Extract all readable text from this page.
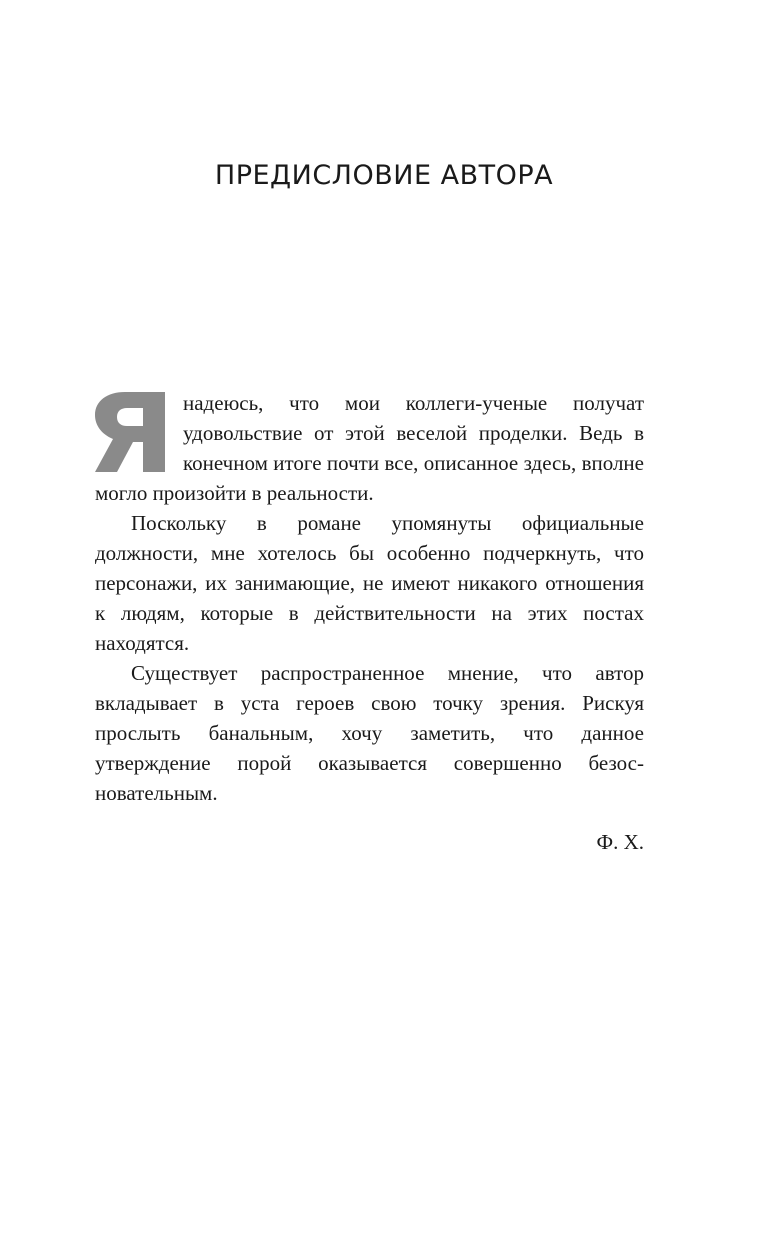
ПРЕДИСЛОВИЕ АВТОРА

надеюсь, что мои коллеги-ученые получат удовольствие от этой веселой проделки. Ведь в конечном итоге почти все, описанное здесь, вполне могло произойти в реальности.

Поскольку в романе упомянуты официальные должности, мне хотелось бы особенно подчеркнуть, что персонажи, их занимающие, не имеют никакого отношения к людям, которые в действительности на этих постах находятся.

Существует распространенное мнение, что автор вкладывает в уста героев свою точку зрения. Рискуя прослыть банальным, хочу заметить, что данное утверждение порой оказывается совершенно безосновательным.

Ф. Х.
